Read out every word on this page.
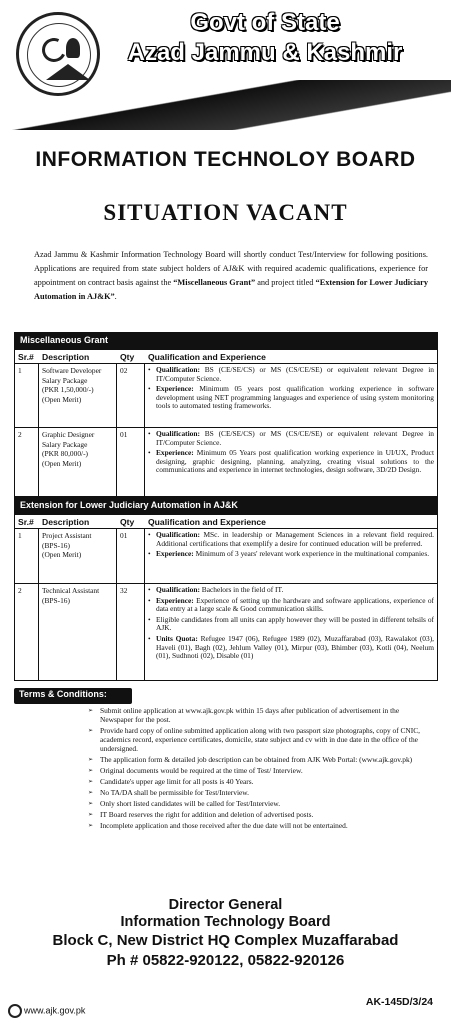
Govt of State
Azad Jammu & Kashmir
INFORMATION TECHNOLOY BOARD
SITUATION VACANT
Azad Jammu & Kashmir Information Technology Board will shortly conduct Test/Interview for following positions. Applications are required from state subject holders of AJ&K with required academic qualifications, experience for appointment on contract basis against the “Miscellaneous Grant” and project titled “Extension for Lower Judiciary Automation in AJ&K”.
Miscellaneous Grant
Sr.# Description	Qty	Qualification and Experience
1	Software Developer
Salary Package
(PKR 1,50,000/-)
(Open Merit)
02	• Qualification: BS (CE/SE/CS) or MS (CS/CE/SE) or equivalent relevant Degree in IT/Computer Science.
• Experience: Minimum 05 years post qualification working experience in software development using NET programming languages and experience of using system monitoring tools to automated testing frameworks.
2	Graphic Designer
Salary Package
(PKR 80,000/-)
(Open Merit)
01	• Qualification: BS (CE/SE/CS) or MS (CS/CE/SE) or equivalent relevant Degree in IT/Computer Science.
• Experience: Minimum 05 Years post qualification working experience in UI/UX, Product designing, graphic designing, planning, analyzing, creating visual solutions to the communications and experience in internet technologies, design software, 3D/2D Design.
Extension for Lower Judiciary Automation in AJ&K
Sr.# Description	Qty	Qualification and Experience
1	Project Assistant
(BPS-16)
(Open Merit)
01	• Qualification: MSc. in leadership or Management Sciences in a relevant field required. Additional certifications that exemplify a desire for continued education will be preferred.
• Experience: Minimum of 3 years' relevant work experience in the multinational companies.
2	Technical Assistant
(BPS-16)
32	• Qualification: Bachelors in the field of IT.
• Experience: Experience of setting up the hardware and software applications, experience of data entry at a large scale & Good communication skills.
• Eligible candidates from all units can apply however they will be posted in different tehsils of AJK.
• Units Quota: Refugee 1947 (06), Refugee 1989 (02), Muzaffarabad (03), Rawalakot (03), Haveli (01), Bagh (02), Jehlum Valley (01), Mirpur (03), Bhimber (03), Kotli (04), Neelum (01), Sudhnoti (02), Disable (01)
Terms & Conditions:
➢ Submit online application at www.ajk.gov.pk within 15 days after publication of advertisement in the Newspaper for the post.
➢ Provide hard copy of online submitted application along with two passport size photographs, copy of CNIC, academics record, experience certificates, domicile, state subject and cv with in due date in the office of the undersigned.
➢ The application form & detailed job description can be obtained from AJK Web Portal: (www.ajk.gov.pk)
➢ Original documents would be required at the time of Test/ Interview.
➢ Candidate's upper age limit for all posts is 40 Years.
➢ No TA/DA shall be permissible for Test/Interview.
➢ Only short listed candidates will be called for Test/Interview.
➢ IT Board reserves the right for addition and deletion of advertised posts.
➢ Incomplete application and those received after the due date will not be entertained.
Director General
Information Technology Board
Block C, New District HQ Complex Muzaffarabad
Ph # 05822-920122, 05822-920126
www.ajk.gov.pk
AK-145D/3/24
